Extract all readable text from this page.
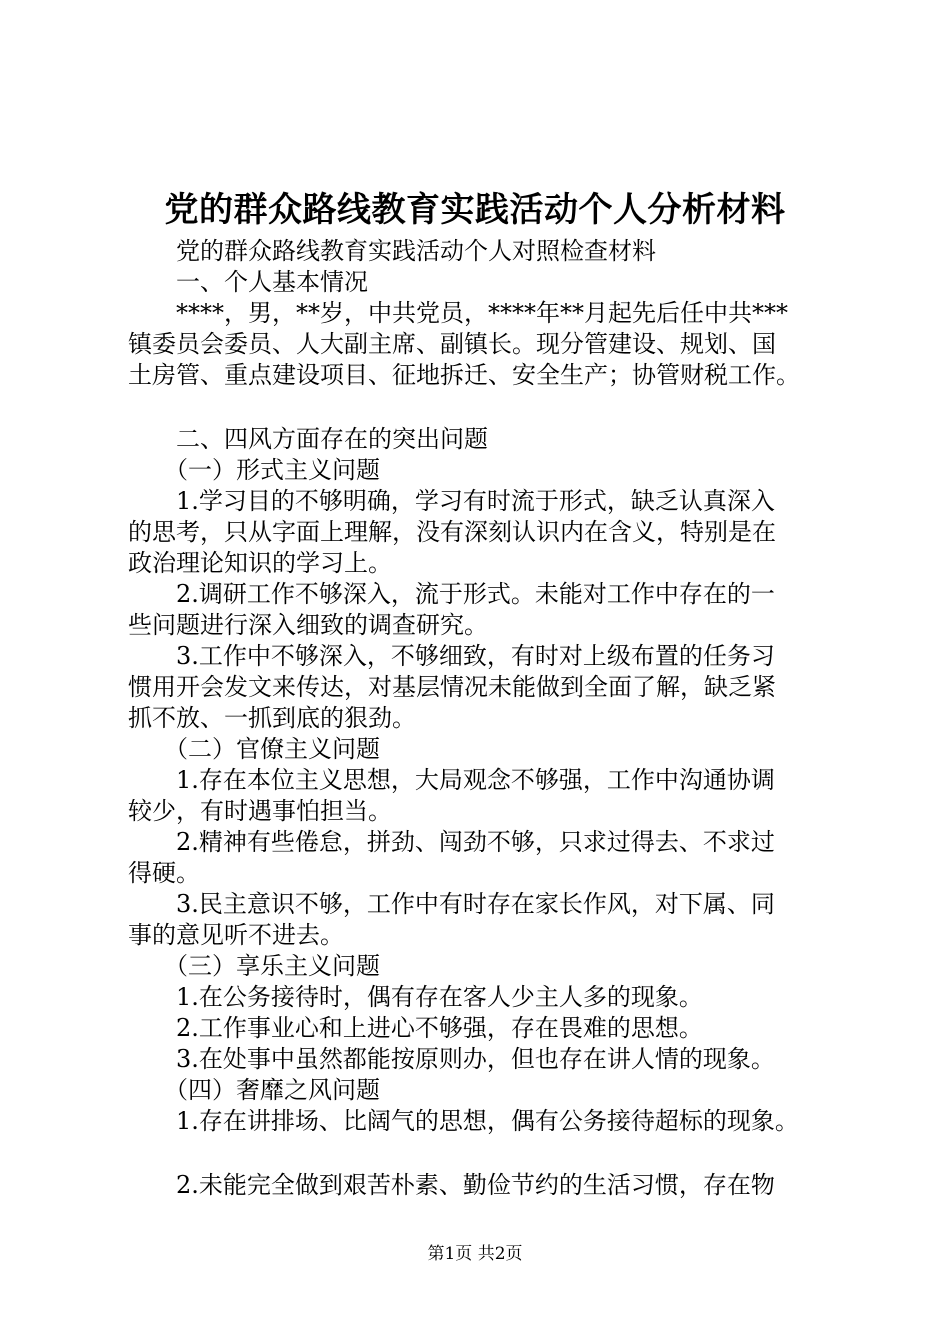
党的群众路线教育实践活动个人分析材料
　　党的群众路线教育实践活动个人对照检查材料
　　一、个人基本情况
　　****，男，**岁，中共党员，****年**月起先后任中共***
镇委员会委员、人大副主席、副镇长。现分管建设、规划、国
土房管、重点建设项目、征地拆迁、安全生产；协管财税工作。
　　二、四风方面存在的突出问题
　　（一）形式主义问题
　　1.学习目的不够明确，学习有时流于形式，缺乏认真深入
的思考，只从字面上理解，没有深刻认识内在含义，特别是在
政治理论知识的学习上。
　　2.调研工作不够深入，流于形式。未能对工作中存在的一
些问题进行深入细致的调查研究。
　　3.工作中不够深入，不够细致，有时对上级布置的任务习
惯用开会发文来传达，对基层情况未能做到全面了解，缺乏紧
抓不放、一抓到底的狠劲。
　　（二）官僚主义问题
　　1.存在本位主义思想，大局观念不够强，工作中沟通协调
较少，有时遇事怕担当。
　　2.精神有些倦怠，拼劲、闯劲不够，只求过得去、不求过
得硬。
　　3.民主意识不够，工作中有时存在家长作风，对下属、同
事的意见听不进去。
　　（三）享乐主义问题
　　1.在公务接待时，偶有存在客人少主人多的现象。
　　2.工作事业心和上进心不够强，存在畏难的思想。
　　3.在处事中虽然都能按原则办，但也存在讲人情的现象。
　　（四）奢靡之风问题
　　1.存在讲排场、比阔气的思想，偶有公务接待超标的现象。
　　2.未能完全做到艰苦朴素、勤俭节约的生活习惯，存在物
第1页 共2页
